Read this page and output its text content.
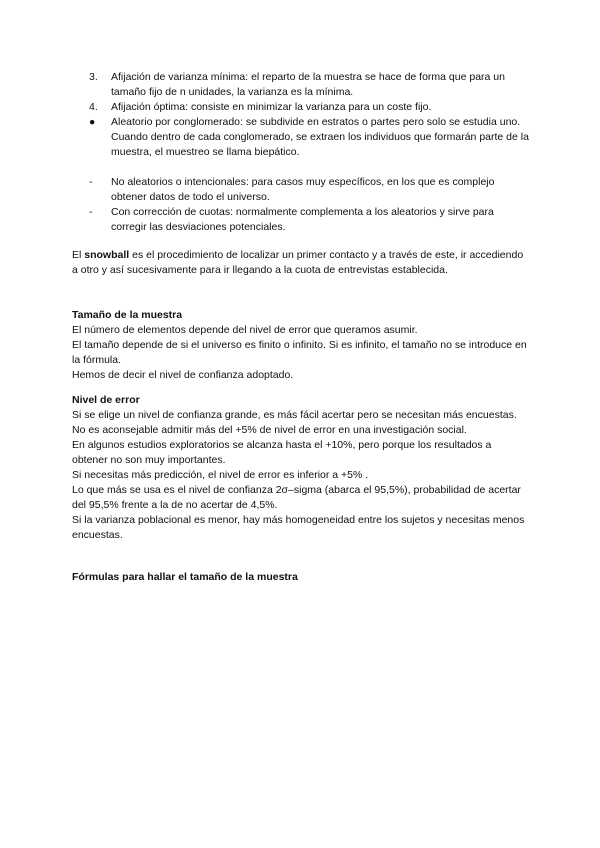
3.	Afijación de varianza mínima: el reparto de la muestra se hace de forma que para un tamaño fijo de n unidades, la varianza es la mínima.
4.	Afijación óptima: consiste en minimizar la varianza para un coste fijo.
●	Aleatorio por conglomerado: se subdivide en estratos o partes pero solo se estudia uno. Cuando dentro de cada conglomerado, se extraen los individuos que formarán parte de la muestra, el muestreo se llama biepático.
-	No aleatorios o intencionales: para casos muy específicos, en los que es complejo obtener datos de todo el universo.
-	Con corrección de cuotas: normalmente complementa a los aleatorios y sirve para corregir las desviaciones potenciales.

El snowball es el procedimiento de localizar un primer contacto y a través de este, ir accediendo a otro y así sucesivamente para ir llegando a la cuota de entrevistas establecida.

Tamaño de la muestra

El número de elementos depende del nivel de error que queramos asumir.

El tamaño depende de si el universo es finito o infinito. Si es infinito, el tamaño no se introduce en la fórmula.

Hemos de decir el nivel de confianza adoptado.

Nivel de error

Si se elige un nivel de confianza grande, es más fácil acertar pero se necesitan más encuestas.

No es aconsejable admitir más del +5% de nivel de error en una investigación social.

En algunos estudios exploratorios se alcanza hasta el +10%, pero porque los resultados a obtener no son muy importantes.

Si necesitas más predicción, el nivel de error es inferior a +5% .

Lo que más se usa es el nivel de confianza 2σ–sigma (abarca el 95,5%), probabilidad de acertar del 95,5% frente a la de no acertar de 4,5%.

Si la varianza poblacional es menor, hay más homogeneidad entre los sujetos y necesitas menos encuestas.

Fórmulas para hallar el tamaño de la muestra
